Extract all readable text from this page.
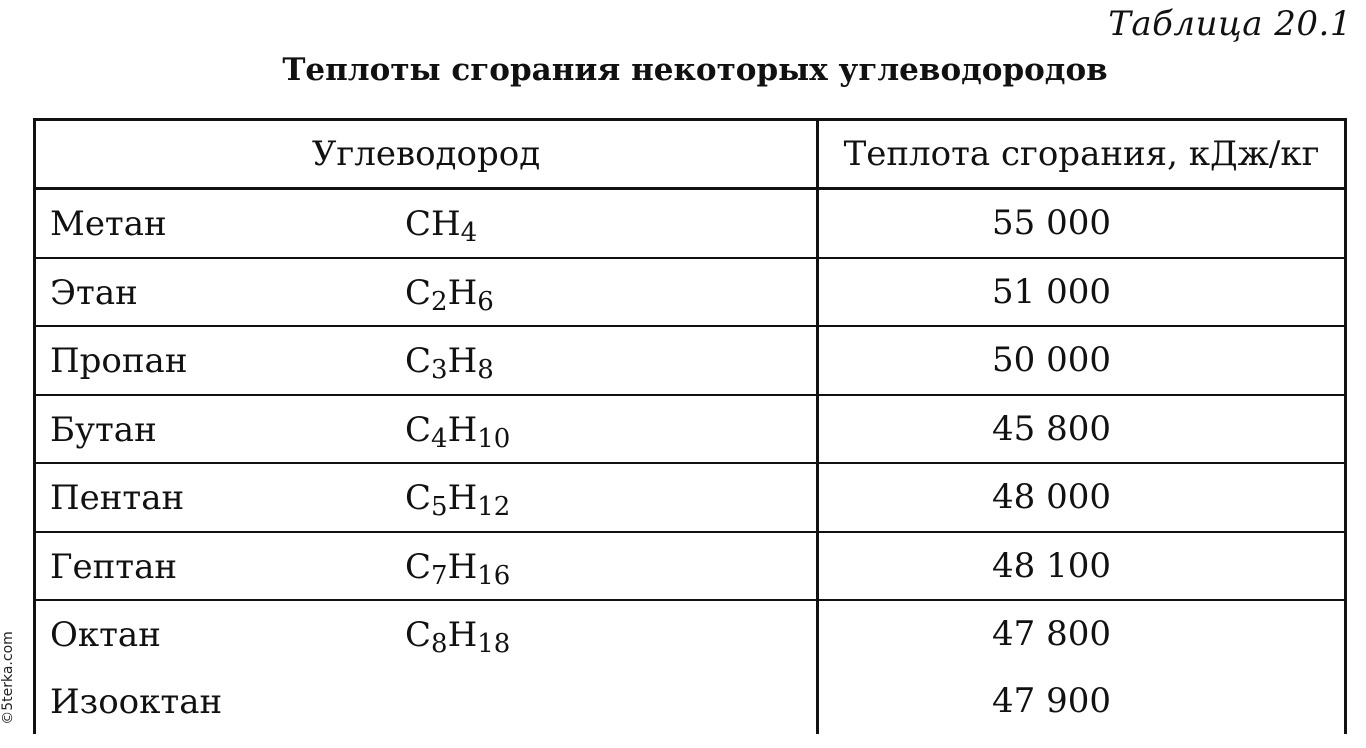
Таблица 20.1
Теплоты сгорания некоторых углеводородов
©5terka.com
Углеводород	Теплота сгорания, кДж/кг
Метан $CH_4$	55 000
Этан $C_2H_6$	51 000
Пропан $C_3H_8$	50 000
Бутан $C_4H_{10}$	45 800
Пентан $C_5H_{12}$	48 000
Гептан $C_7H_{16}$	48 100
Октан $C_8H_{18}$	47 800
Изооктан	47 900
